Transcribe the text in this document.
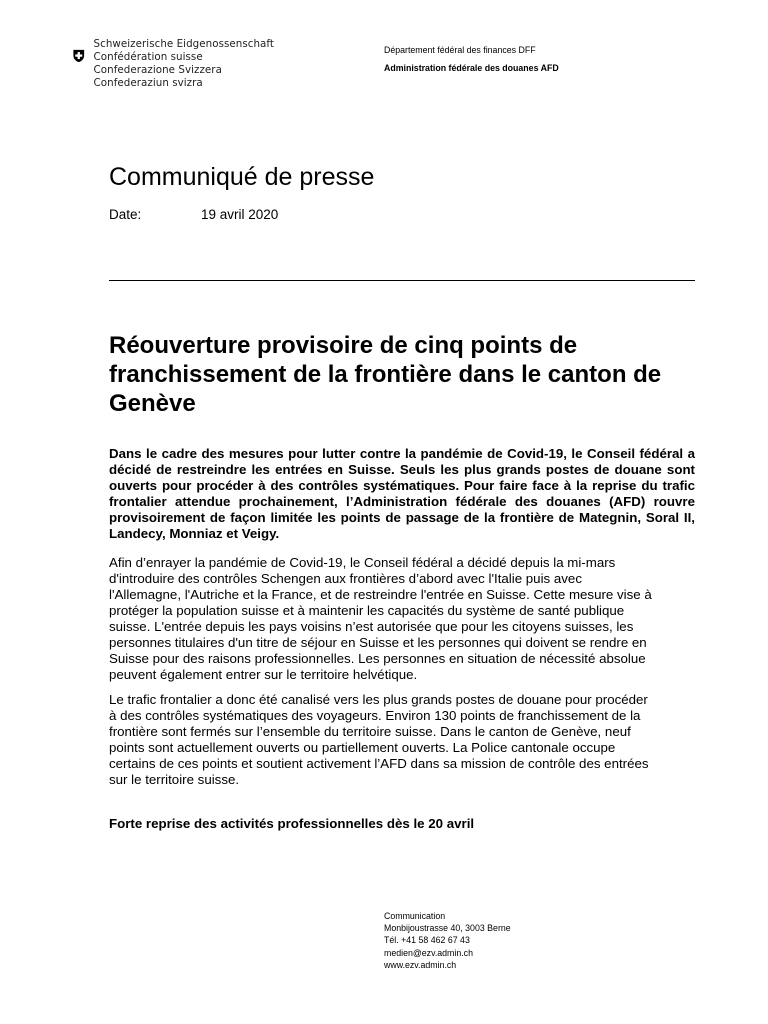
Schweizerische Eidgenossenschaft
Confédération suisse
Confederazione Svizzera
Confederaziun svizra
Département fédéral des finances DFF
Administration fédérale des douanes AFD
Communiqué de presse
Date:	19 avril 2020
Réouverture provisoire de cinq points de franchissement de la frontière dans le canton de Genève
Dans le cadre des mesures pour lutter contre la pandémie de Covid-19, le Conseil fédéral a décidé de restreindre les entrées en Suisse. Seuls les plus grands postes de douane sont ouverts pour procéder à des contrôles systématiques. Pour faire face à la reprise du trafic frontalier attendue prochainement, l’Administration fédérale des douanes (AFD) rouvre provisoirement de façon limitée les points de passage de la frontière de Mategnin, Soral II, Landecy, Monniaz et Veigy.
Afin d’enrayer la pandémie de Covid-19, le Conseil fédéral a décidé depuis la mi-mars
d'introduire des contrôles Schengen aux frontières d’abord avec l'Italie puis avec
l'Allemagne, l'Autriche et la France, et de restreindre l'entrée en Suisse. Cette mesure vise à
protéger la population suisse et à maintenir les capacités du système de santé publique
suisse. L'entrée depuis les pays voisins n’est autorisée que pour les citoyens suisses, les
personnes titulaires d'un titre de séjour en Suisse et les personnes qui doivent se rendre en
Suisse pour des raisons professionnelles. Les personnes en situation de nécessité absolue
peuvent également entrer sur le territoire helvétique.
Le trafic frontalier a donc été canalisé vers les plus grands postes de douane pour procéder
à des contrôles systématiques des voyageurs. Environ 130 points de franchissement de la
frontière sont fermés sur l’ensemble du territoire suisse. Dans le canton de Genève, neuf
points sont actuellement ouverts ou partiellement ouverts. La Police cantonale occupe
certains de ces points et soutient activement l’AFD dans sa mission de contrôle des entrées
sur le territoire suisse.
Forte reprise des activités professionnelles dès le 20 avril
Communication
Monbijoustrasse 40, 3003 Berne
Tél. +41 58 462 67 43
medien@ezv.admin.ch
www.ezv.admin.ch
